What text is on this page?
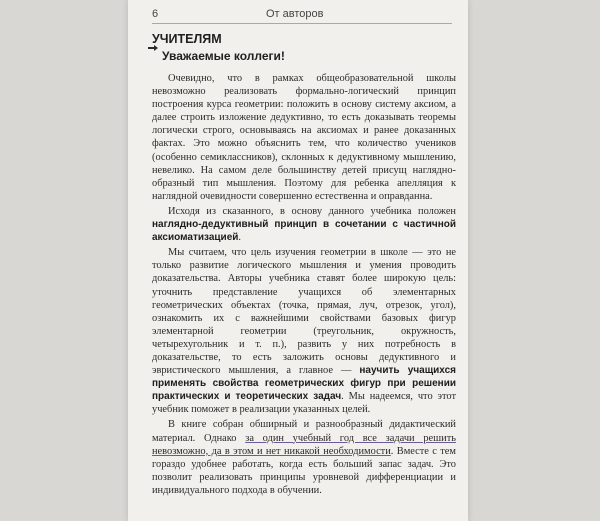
6	От авторов
УЧИТЕЛЯМ
Уважаемые коллеги!

Очевидно, что в рамках общеобразовательной школы невозможно реализовать формально-логический принцип построения курса геометрии: положить в основу систему аксиом, а далее строить изложение дедуктивно, то есть доказывать теоремы логически строго, основываясь на аксиомах и ранее доказанных фактах. Это можно объяснить тем, что количество учеников (особенно семиклассников), склонных к дедуктивному мышлению, невелико. На самом деле большинству детей присущ наглядно-образный тип мышления. Поэтому для ребенка апелляция к наглядной очевидности совершенно естественна и оправданна.

Исходя из сказанного, в основу данного учебника положен наглядно-дедуктивный принцип в сочетании с частичной аксиоматизацией.

Мы считаем, что цель изучения геометрии в школе — это не только развитие логического мышления и умения проводить доказательства. Авторы учебника ставят более широкую цель: уточнить представление учащихся об элементарных геометрических объектах (точка, прямая, луч, отрезок, угол), ознакомить их с важнейшими свойствами базовых фигур элементарной геометрии (треугольник, окружность, четырехугольник и т. п.), развить у них потребность в доказательстве, то есть заложить основы дедуктивного и эвристического мышления, а главное — научить учащихся применять свойства геометрических фигур при решении практических и теоретических задач. Мы надеемся, что этот учебник поможет в реализации указанных целей.

В книге собран обширный и разнообразный дидактический материал. Однако за один учебный год все задачи решить невозможно, да в этом и нет никакой необходимости. Вместе с тем гораздо удобнее работать, когда есть больший запас задач. Это позволит реализовать принципы уровневой дифференциации и индивидуального подхода в обучении.
